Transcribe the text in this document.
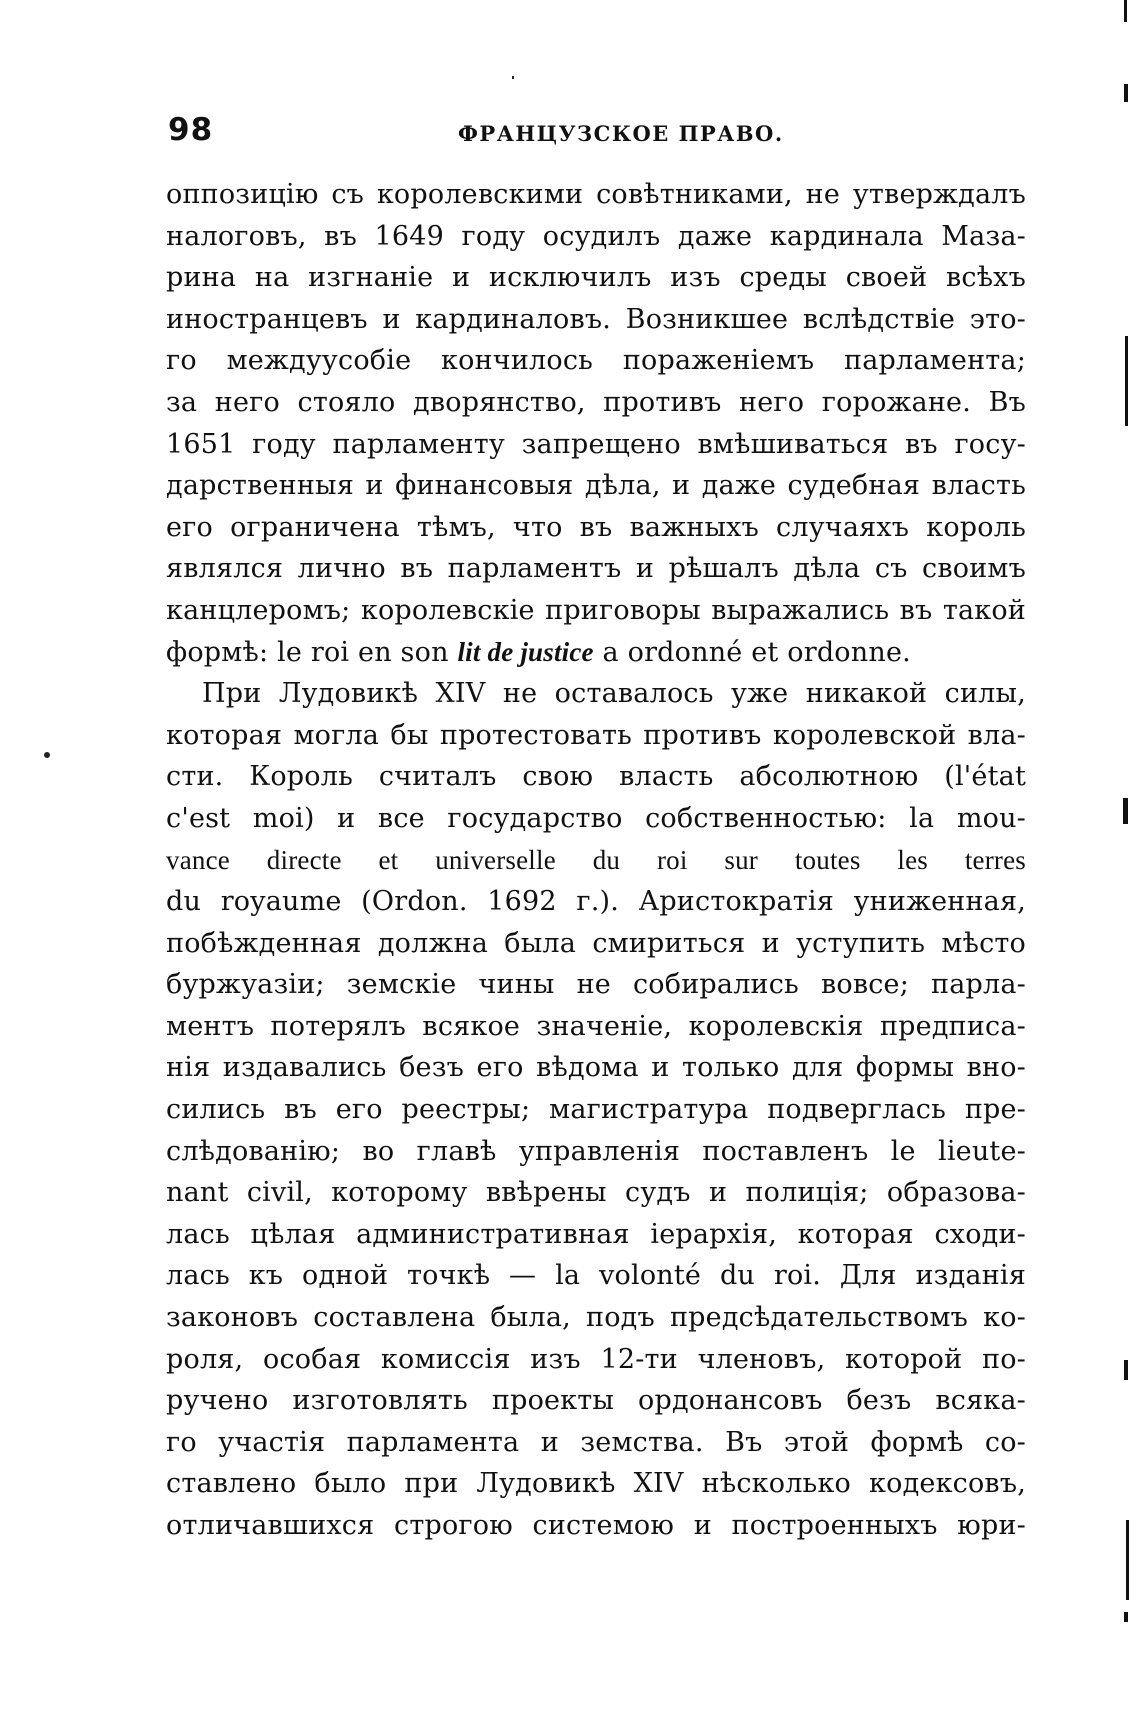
98	ФРАНЦУЗСКОЕ ПРАВО.
оппозицію съ королевскими совѣтниками, не утверждалъ
налоговъ, въ 1649 году осудилъ даже кардинала Маза-
рина на изгнаніе и исключилъ изъ среды своей всѣхъ
иностранцевъ и кардиналовъ. Возникшее вслѣдствіе это-
го междуусобіе кончилось пораженіемъ парламента;
за него стояло дворянство, противъ него горожане. Въ
1651 году парламенту запрещено вмѣшиваться въ госу-
дарственныя и финансовыя дѣла, и даже судебная власть
его ограничена тѣмъ, что въ важныхъ случаяхъ король
являлся лично въ парламентъ и рѣшалъ дѣла съ своимъ
канцлеромъ; королевскіе приговоры выражались въ такой
формѣ: le roi en son lit de justice a ordonné et ordonne.
При Лудовикѣ XIV не оставалось уже никакой силы,
которая могла бы протестовать противъ королевской вла-
сти. Король считалъ свою власть абсолютною (l'état
c'est moi) и все государство собственностью: la mou-
vance directe et universelle du roi sur toutes les terres
du royaume (Ordon. 1692 г.). Аристократія униженная,
побѣжденная должна была смириться и уступить мѣсто
буржуазіи; земскіе чины не собирались вовсе; парла-
ментъ потерялъ всякое значеніе, королевскія предписа-
нія издавались безъ его вѣдома и только для формы вно-
сились въ его реестры; магистратура подверглась пре-
слѣдованію; во главѣ управленія поставленъ le lieute-
nant civil, которому ввѣрены судъ и полиція; образова-
лась цѣлая административная іерархія, которая сходи-
лась къ одной точкѣ — la volonté du roi. Для изданія
законовъ составлена была, подъ предсѣдательствомъ ко-
роля, особая комиссія изъ 12-ти членовъ, которой по-
ручено изготовлять проекты ордонансовъ безъ всяка-
го участія парламента и земства. Въ этой формѣ со-
ставлено было при Лудовикѣ XIV нѣсколько кодексовъ,
отличавшихся строгою системою и построенныхъ юри-
